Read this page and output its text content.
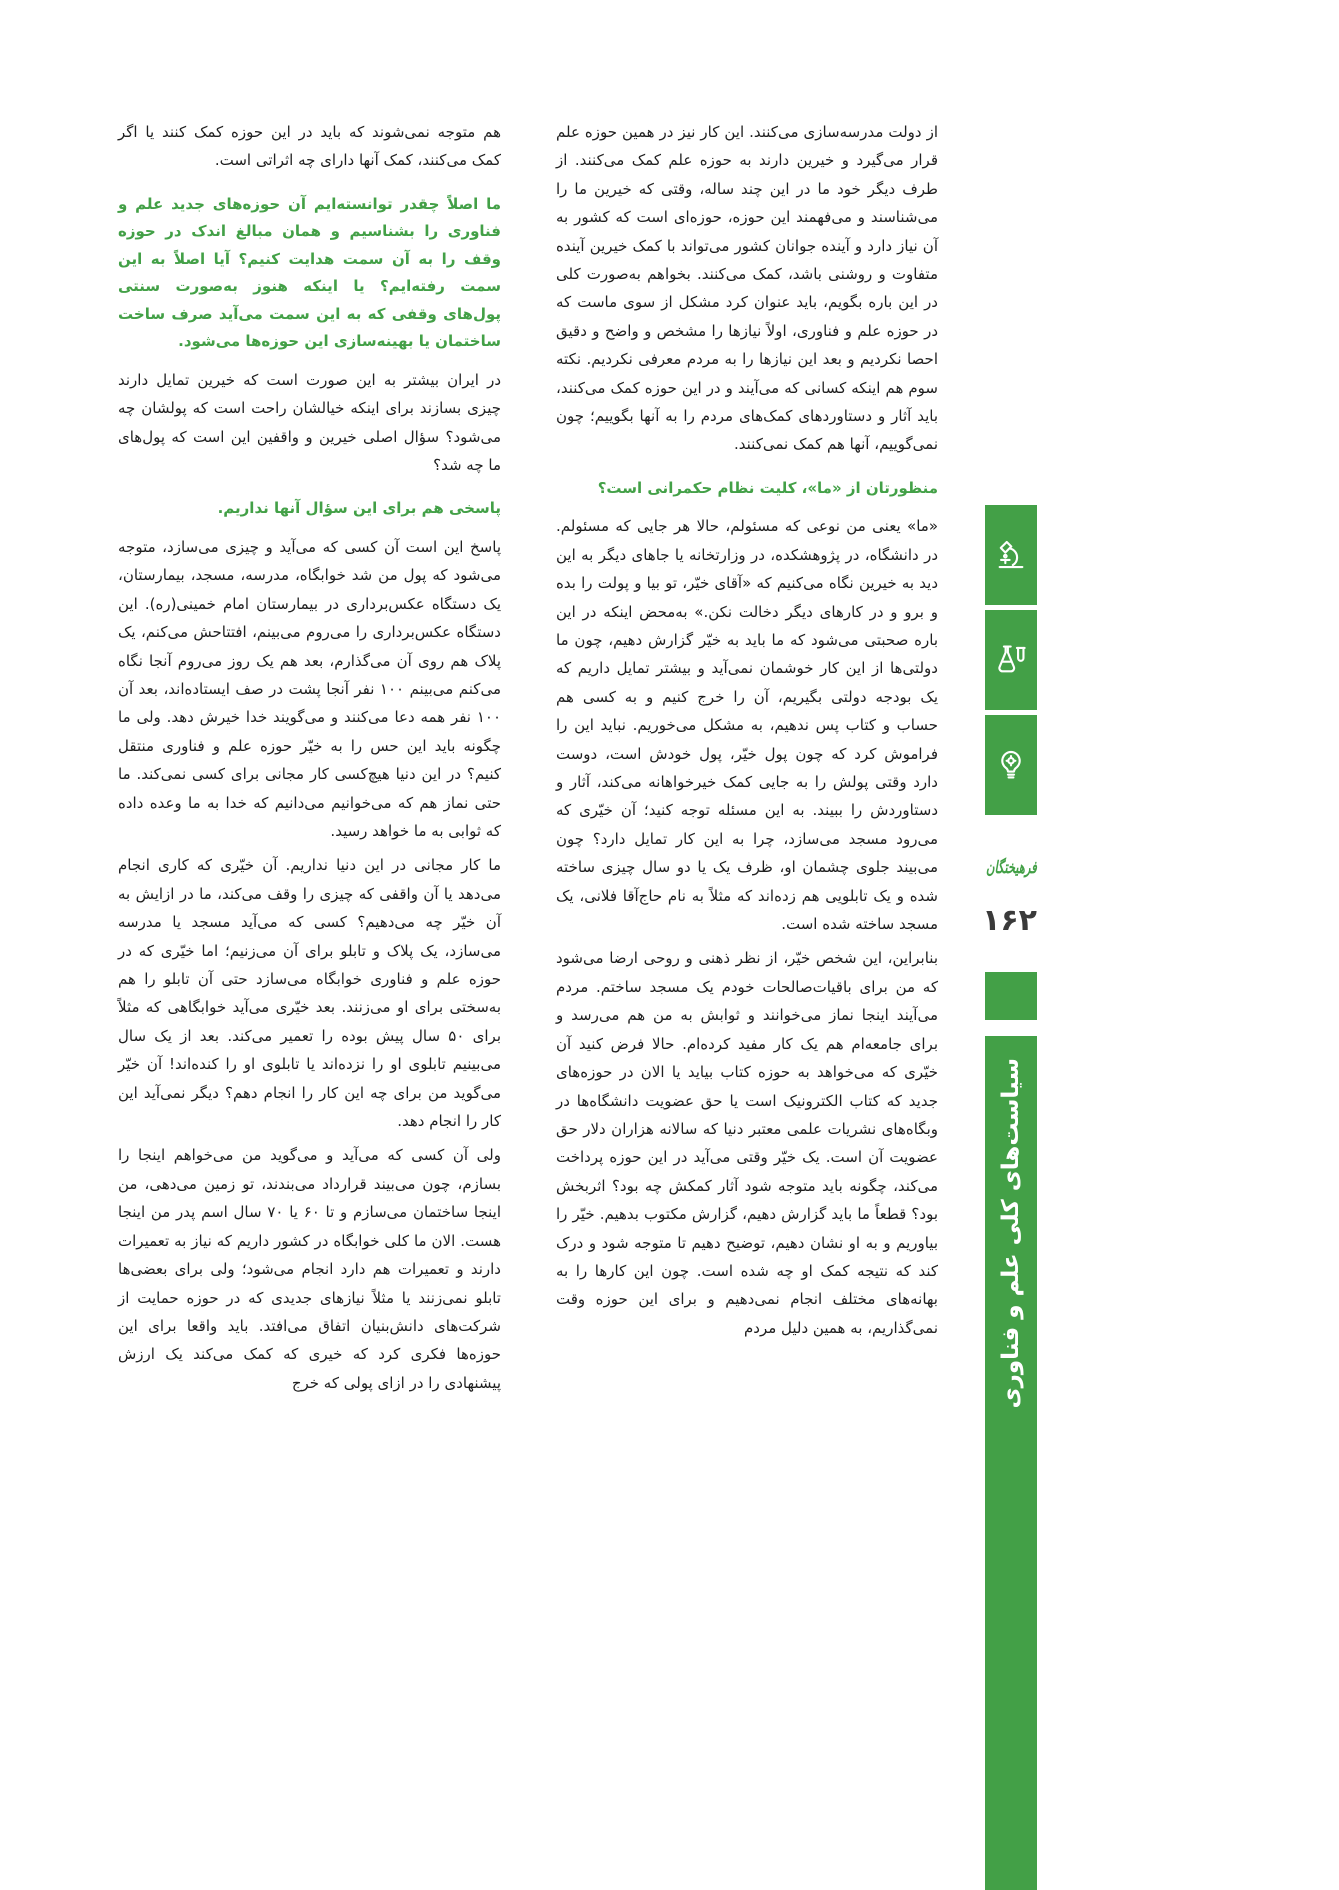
از دولت مدرسه‌سازی می‌کنند. این کار نیز در همین حوزه علم قرار می‌گیرد و خیرین دارند به حوزه علم کمک می‌کنند. از طرف دیگر خود ما در این چند ساله، وقتی که خیرین ما را می‌شناسند و می‌فهمند این حوزه، حوزه‌ای است که کشور به آن نیاز دارد و آینده جوانان کشور می‌تواند با کمک خیرین آینده متفاوت و روشنی باشد، کمک می‌کنند. بخواهم به‌صورت کلی در این باره بگویم، باید عنوان کرد مشکل از سوی ماست که در حوزه علم و فناوری، اولاً نیازها را مشخص و واضح و دقیق احصا نکردیم و بعد این نیازها را به مردم معرفی نکردیم. نکته سوم هم اینکه کسانی که می‌آیند و در این حوزه کمک می‌کنند، باید آثار و دستاوردهای کمک‌های مردم را به آنها بگوییم؛ چون نمی‌گوییم، آنها هم کمک نمی‌کنند.

منظورتان از «ما»، کلیت نظام حکمرانی است؟

«ما» یعنی من نوعی که مسئولم، حالا هر جایی که مسئولم. در دانشگاه، در پژوهشکده، در وزارتخانه یا جاهای دیگر به این دید به خیرین نگاه می‌کنیم که «آقای خیّر، تو بیا و پولت را بده و برو و در کارهای دیگر دخالت نکن.» به‌محض اینکه در این باره صحبتی می‌شود که ما باید به خیّر گزارش دهیم، چون ما دولتی‌ها از این کار خوشمان نمی‌آید و بیشتر تمایل داریم که یک بودجه دولتی بگیریم، آن را خرج کنیم و به کسی هم حساب و کتاب پس ندهیم، به مشکل می‌خوریم. نباید این را فراموش کرد که چون پول خیّر، پول خودش است، دوست دارد وقتی پولش را به جایی کمک خیرخواهانه می‌کند، آثار و دستاوردش را ببیند. به این مسئله توجه کنید؛ آن خیّری که می‌رود مسجد می‌سازد، چرا به این کار تمایل دارد؟ چون می‌بیند جلوی چشمان او، ظرف یک یا دو سال چیزی ساخته شده و یک تابلویی هم زده‌اند که مثلاً به نام حاج‌آقا فلانی، یک مسجد ساخته شده است.

بنابراین، این شخص خیّر، از نظر ذهنی و روحی ارضا می‌شود که من برای باقیات‌صالحات خودم یک مسجد ساختم. مردم می‌آیند اینجا نماز می‌خوانند و ثوابش به من هم می‌رسد و برای جامعه‌ام هم یک کار مفید کرده‌ام. حالا فرض کنید آن خیّری که می‌خواهد به حوزه کتاب بیاید یا الان در حوزه‌های جدید که کتاب الکترونیک است یا حق عضویت دانشگاه‌ها در وبگاه‌های نشریات علمی معتبر دنیا که سالانه هزاران دلار حق عضویت آن است. یک خیّر وقتی می‌آید در این حوزه پرداخت می‌کند، چگونه باید متوجه شود آثار کمکش چه بود؟ اثربخش بود؟ قطعاً ما باید گزارش دهیم، گزارش مکتوب بدهیم. خیّر را بیاوریم و به او نشان دهیم، توضیح دهیم تا متوجه شود و درک کند که نتیجه کمک او چه شده است. چون این کارها را به بهانه‌های مختلف انجام نمی‌دهیم و برای این حوزه وقت نمی‌گذاریم، به همین دلیل مردم

هم متوجه نمی‌شوند که باید در این حوزه کمک کنند یا اگر کمک می‌کنند، کمک آنها دارای چه اثراتی است.

ما اصلاً چقدر توانسته‌ایم آن حوزه‌های جدید علم و فناوری را بشناسیم و همان مبالغ اندک در حوزه وقف را به آن سمت هدایت کنیم؟ آیا اصلاً به این سمت رفته‌ایم؟ یا اینکه هنوز به‌صورت سنتی پول‌های وقفی که به این سمت می‌آید صرف ساخت ساختمان یا بهینه‌سازی این حوزه‌ها می‌شود.

در ایران بیشتر به این صورت است که خیرین تمایل دارند چیزی بسازند برای اینکه خیالشان راحت است که پولشان چه می‌شود؟ سؤال اصلی خیرین و واقفین این است که پول‌های ما چه شد؟

پاسخی هم برای این سؤال آنها نداریم.

پاسخ این است آن کسی که می‌آید و چیزی می‌سازد، متوجه می‌شود که پول من شد خوابگاه، مدرسه، مسجد، بیمارستان، یک دستگاه عکس‌برداری در بیمارستان امام خمینی(ره). این دستگاه عکس‌برداری را می‌روم می‌بینم، افتتاحش می‌کنم، یک پلاک هم روی آن می‌گذارم، بعد هم یک روز می‌روم آنجا نگاه می‌کنم می‌بینم ۱۰۰ نفر آنجا پشت در صف ایستاده‌اند، بعد آن ۱۰۰ نفر همه دعا می‌کنند و می‌گویند خدا خیرش دهد. ولی ما چگونه باید این حس را به خیّر حوزه علم و فناوری منتقل کنیم؟ در این دنیا هیچ‌کسی کار مجانی برای کسی نمی‌کند. ما حتی نماز هم که می‌خوانیم می‌دانیم که خدا به ما وعده داده که ثوابی به ما خواهد رسید.

ما کار مجانی در این دنیا نداریم. آن خیّری که کاری انجام می‌دهد یا آن واقفی که چیزی را وقف می‌کند، ما در ازایش به آن خیّر چه می‌دهیم؟ کسی که می‌آید مسجد یا مدرسه می‌سازد، یک پلاک و تابلو برای آن می‌زنیم؛ اما خیّری که در حوزه علم و فناوری خوابگاه می‌سازد حتی آن تابلو را هم به‌سختی برای او می‌زنند. بعد خیّری می‌آید خوابگاهی که مثلاً برای ۵۰ سال پیش بوده را تعمیر می‌کند. بعد از یک سال می‌بینیم تابلوی او را نزده‌اند یا تابلوی او را کنده‌اند! آن خیّر می‌گوید من برای چه این کار را انجام دهم؟ دیگر نمی‌آید این کار را انجام دهد.

ولی آن کسی که می‌آید و می‌گوید من می‌خواهم اینجا را بسازم، چون می‌بیند قرارداد می‌بندند، تو زمین می‌دهی، من اینجا ساختمان می‌سازم و تا ۶۰ یا ۷۰ سال اسم پدر من اینجا هست. الان ما کلی خوابگاه در کشور داریم که نیاز به تعمیرات دارند و تعمیرات هم دارد انجام می‌شود؛ ولی برای بعضی‌ها تابلو نمی‌زنند یا مثلاً نیازهای جدیدی که در حوزه حمایت از شرکت‌های دانش‌بنیان اتفاق می‌افتد. باید واقعا برای این حوزه‌ها فکری کرد که خیری که کمک می‌کند یک ارزش پیشنهادی را در ازای پولی که خرج

فرهیختگان
۱۶۲
سیاست‌های کلی علم و فناوری
